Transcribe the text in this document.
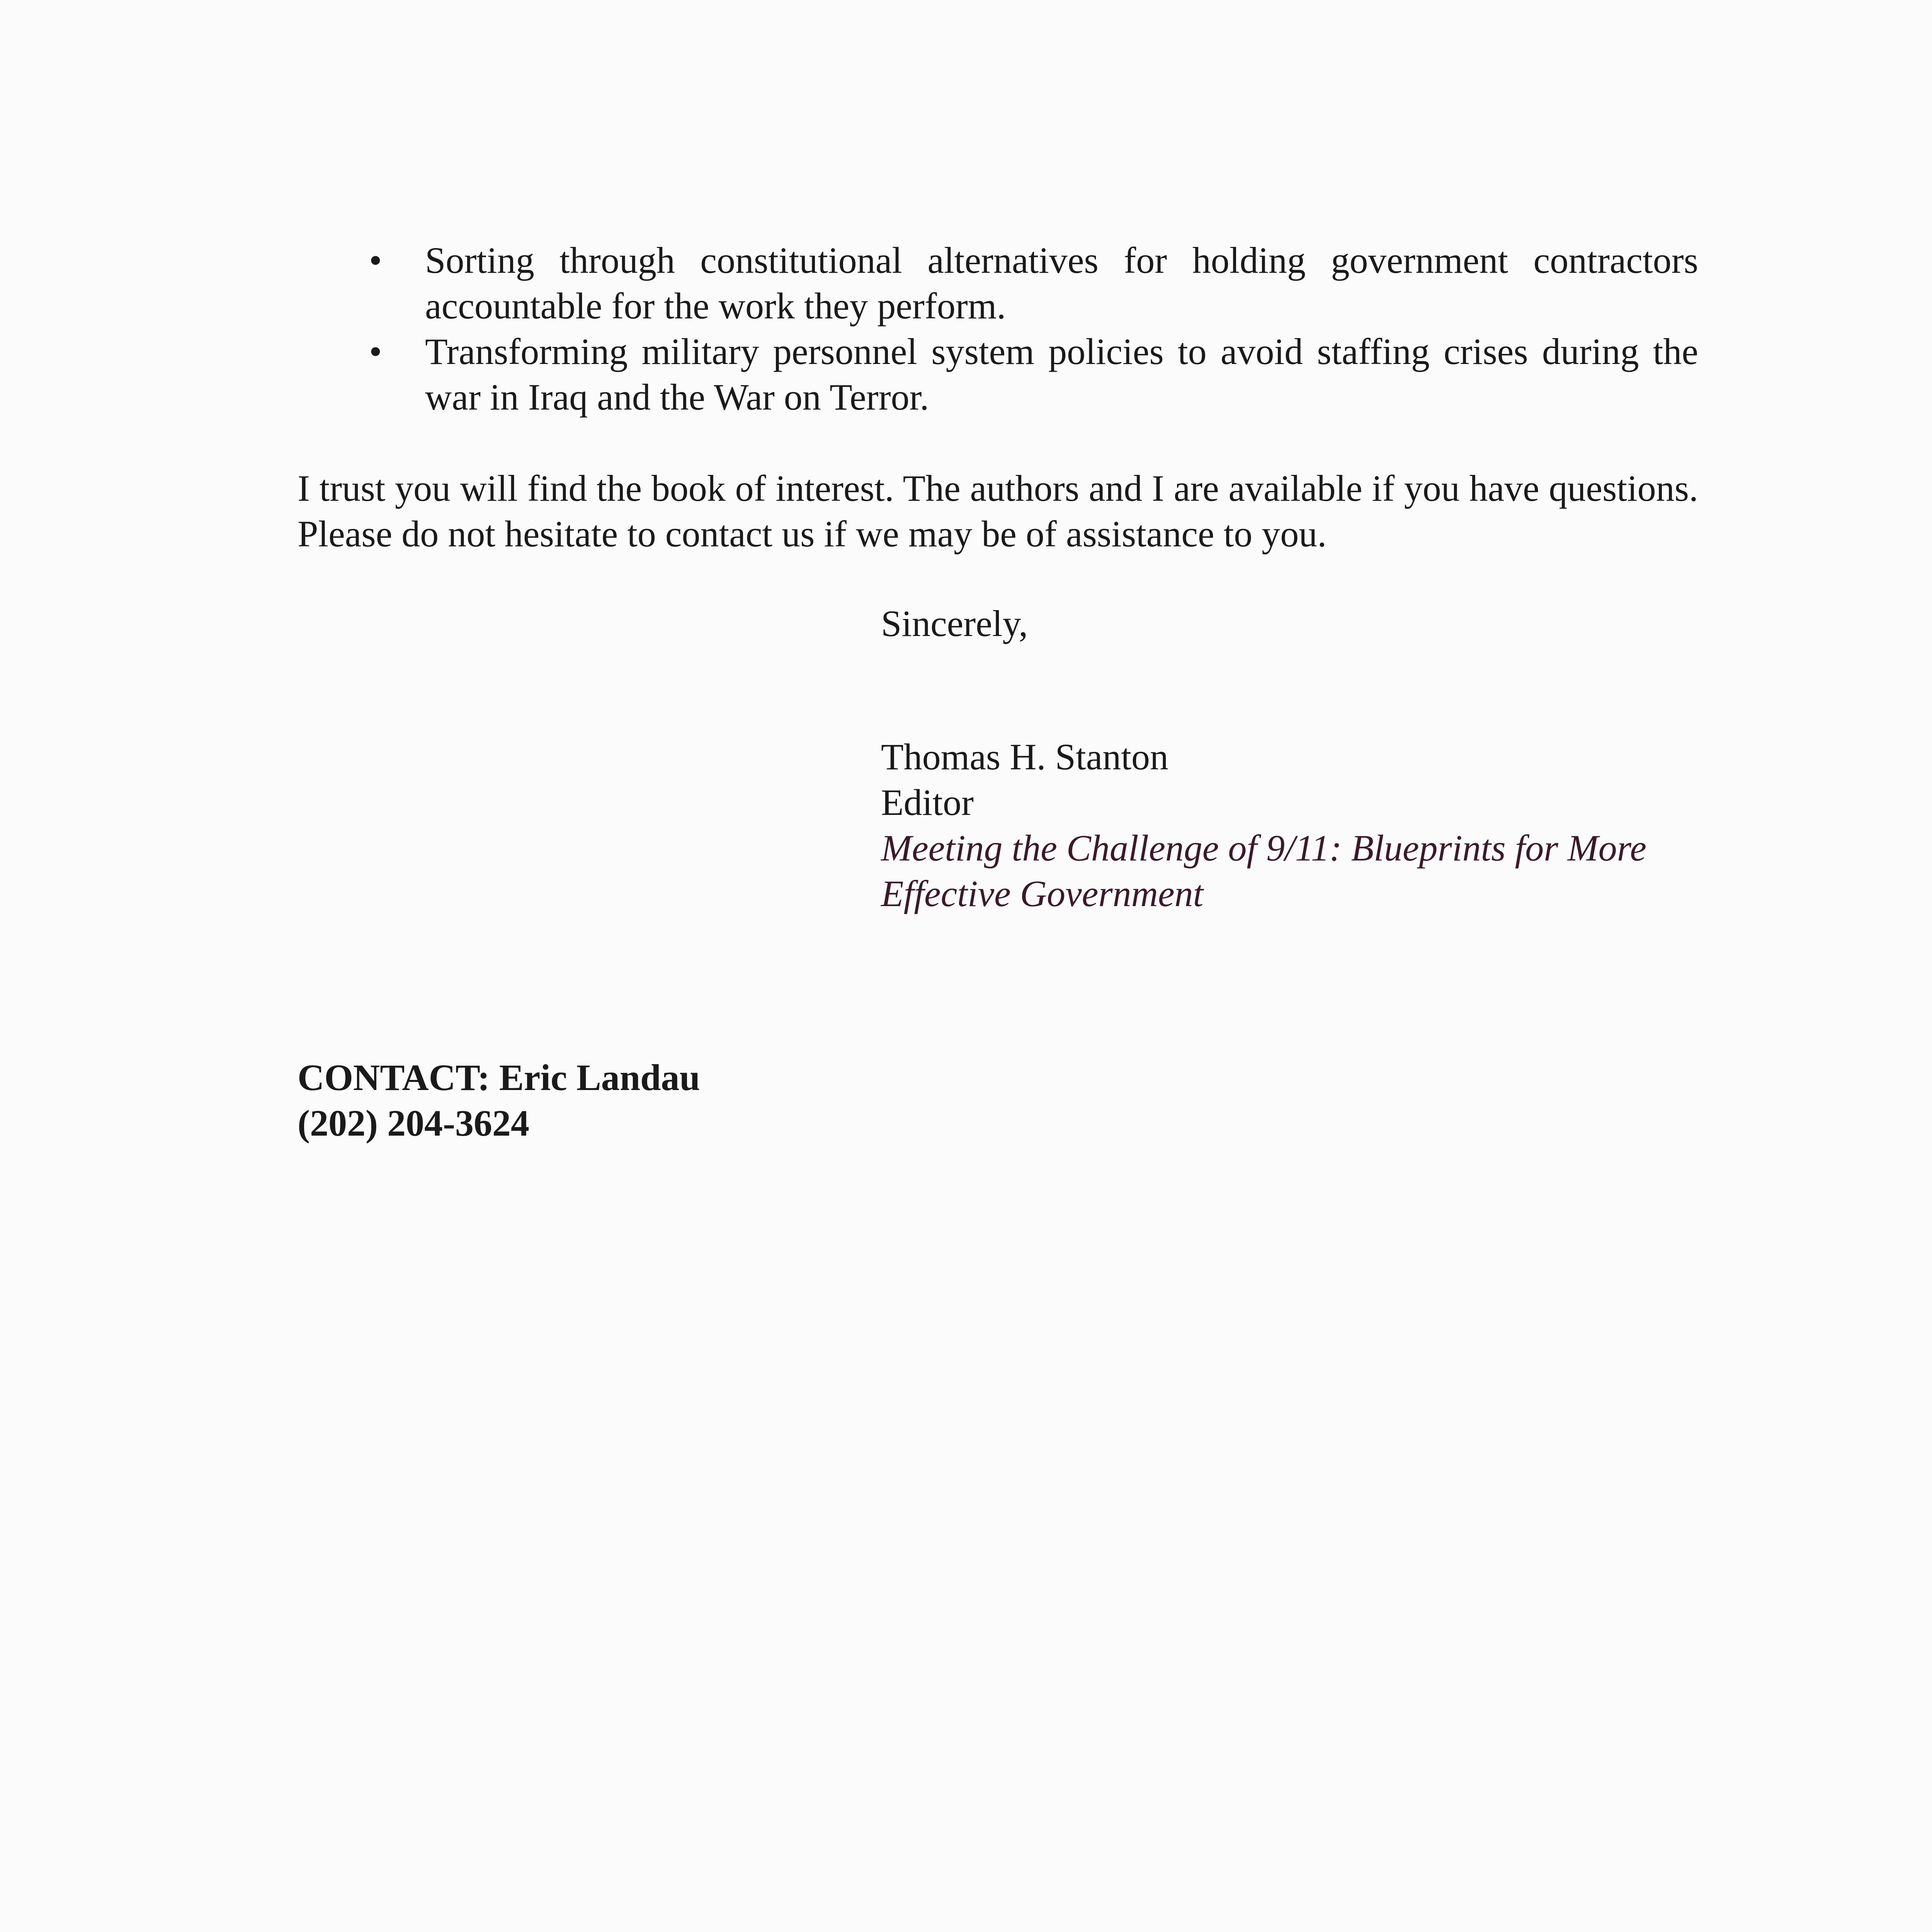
• Sorting through constitutional alternatives for holding government contractors accountable for the work they perform.
• Transforming military personnel system policies to avoid staffing crises during the war in Iraq and the War on Terror.

I trust you will find the book of interest. The authors and I are available if you have questions. Please do not hesitate to contact us if we may be of assistance to you.

Sincerely,

Thomas H. Stanton
Editor
Meeting the Challenge of 9/11: Blueprints for More
Effective Government

CONTACT: Eric Landau
(202) 204-3624
